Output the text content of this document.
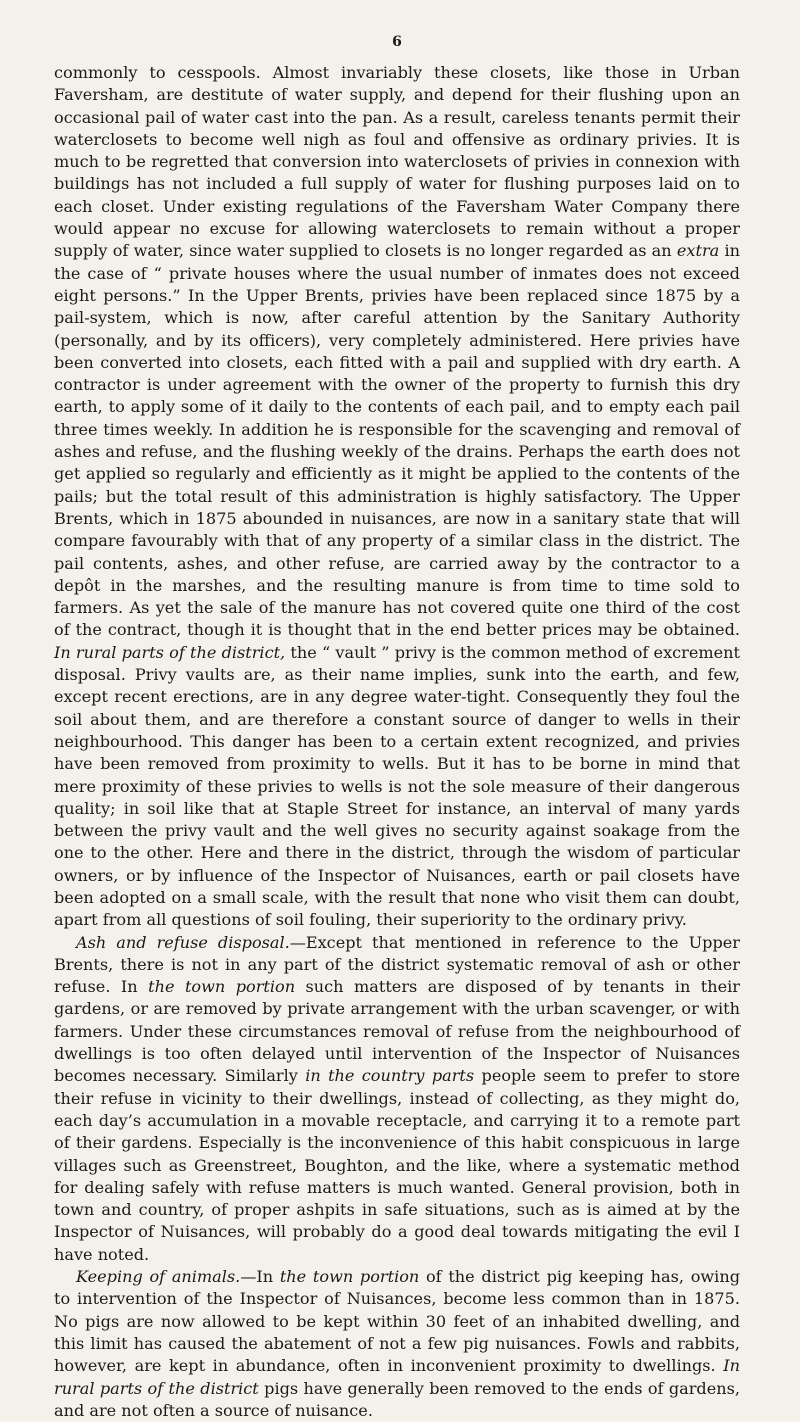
6

commonly to cesspools. Almost invariably these closets, like those in Urban Faversham, are destitute of water supply, and depend for their flushing upon an occasional pail of water cast into the pan. As a result, careless tenants permit their waterclosets to become well nigh as foul and offensive as ordinary privies. It is much to be regretted that conversion into waterclosets of privies in connexion with buildings has not included a full supply of water for flushing purposes laid on to each closet. Under existing regulations of the Faversham Water Company there would appear no excuse for allowing waterclosets to remain without a proper supply of water, since water supplied to closets is no longer regarded as an extra in the case of “ private houses where the usual number of inmates does not exceed eight persons.” In the Upper Brents, privies have been replaced since 1875 by a pail-system, which is now, after careful attention by the Sanitary Authority (personally, and by its officers), very completely administered. Here privies have been converted into closets, each fitted with a pail and supplied with dry earth. A contractor is under agreement with the owner of the property to furnish this dry earth, to apply some of it daily to the contents of each pail, and to empty each pail three times weekly. In addition he is responsible for the scavenging and removal of ashes and refuse, and the flushing weekly of the drains. Perhaps the earth does not get applied so regularly and efficiently as it might be applied to the contents of the pails; but the total result of this administration is highly satisfactory. The Upper Brents, which in 1875 abounded in nuisances, are now in a sanitary state that will compare favourably with that of any property of a similar class in the district. The pail contents, ashes, and other refuse, are carried away by the contractor to a depôt in the marshes, and the resulting manure is from time to time sold to farmers. As yet the sale of the manure has not covered quite one third of the cost of the contract, though it is thought that in the end better prices may be obtained. In rural parts of the district, the “ vault ” privy is the common method of excrement disposal. Privy vaults are, as their name implies, sunk into the earth, and few, except recent erections, are in any degree water-tight. Consequently they foul the soil about them, and are therefore a constant source of danger to wells in their neighbourhood. This danger has been to a certain extent recognized, and privies have been removed from proximity to wells. But it has to be borne in mind that mere proximity of these privies to wells is not the sole measure of their dangerous quality; in soil like that at Staple Street for instance, an interval of many yards between the privy vault and the well gives no security against soakage from the one to the other. Here and there in the district, through the wisdom of particular owners, or by influence of the Inspector of Nuisances, earth or pail closets have been adopted on a small scale, with the result that none who visit them can doubt, apart from all questions of soil fouling, their superiority to the ordinary privy.

Ash and refuse disposal.—Except that mentioned in reference to the Upper Brents, there is not in any part of the district systematic removal of ash or other refuse. In the town portion such matters are disposed of by tenants in their gardens, or are removed by private arrangement with the urban scavenger, or with farmers. Under these circumstances removal of refuse from the neighbourhood of dwellings is too often delayed until intervention of the Inspector of Nuisances becomes necessary. Similarly in the country parts people seem to prefer to store their refuse in vicinity to their dwellings, instead of collecting, as they might do, each day’s accumulation in a movable receptacle, and carrying it to a remote part of their gardens. Especially is the inconvenience of this habit conspicuous in large villages such as Greenstreet, Boughton, and the like, where a systematic method for dealing safely with refuse matters is much wanted. General provision, both in town and country, of proper ashpits in safe situations, such as is aimed at by the Inspector of Nuisances, will probably do a good deal towards mitigating the evil I have noted.

Keeping of animals.—In the town portion of the district pig keeping has, owing to intervention of the Inspector of Nuisances, become less common than in 1875. No pigs are now allowed to be kept within 30 feet of an inhabited dwelling, and this limit has caused the abatement of not a few pig nuisances. Fowls and rabbits, however, are kept in abundance, often in inconvenient proximity to dwellings. In rural parts of the district pigs have generally been removed to the ends of gardens, and are not often a source of nuisance.
